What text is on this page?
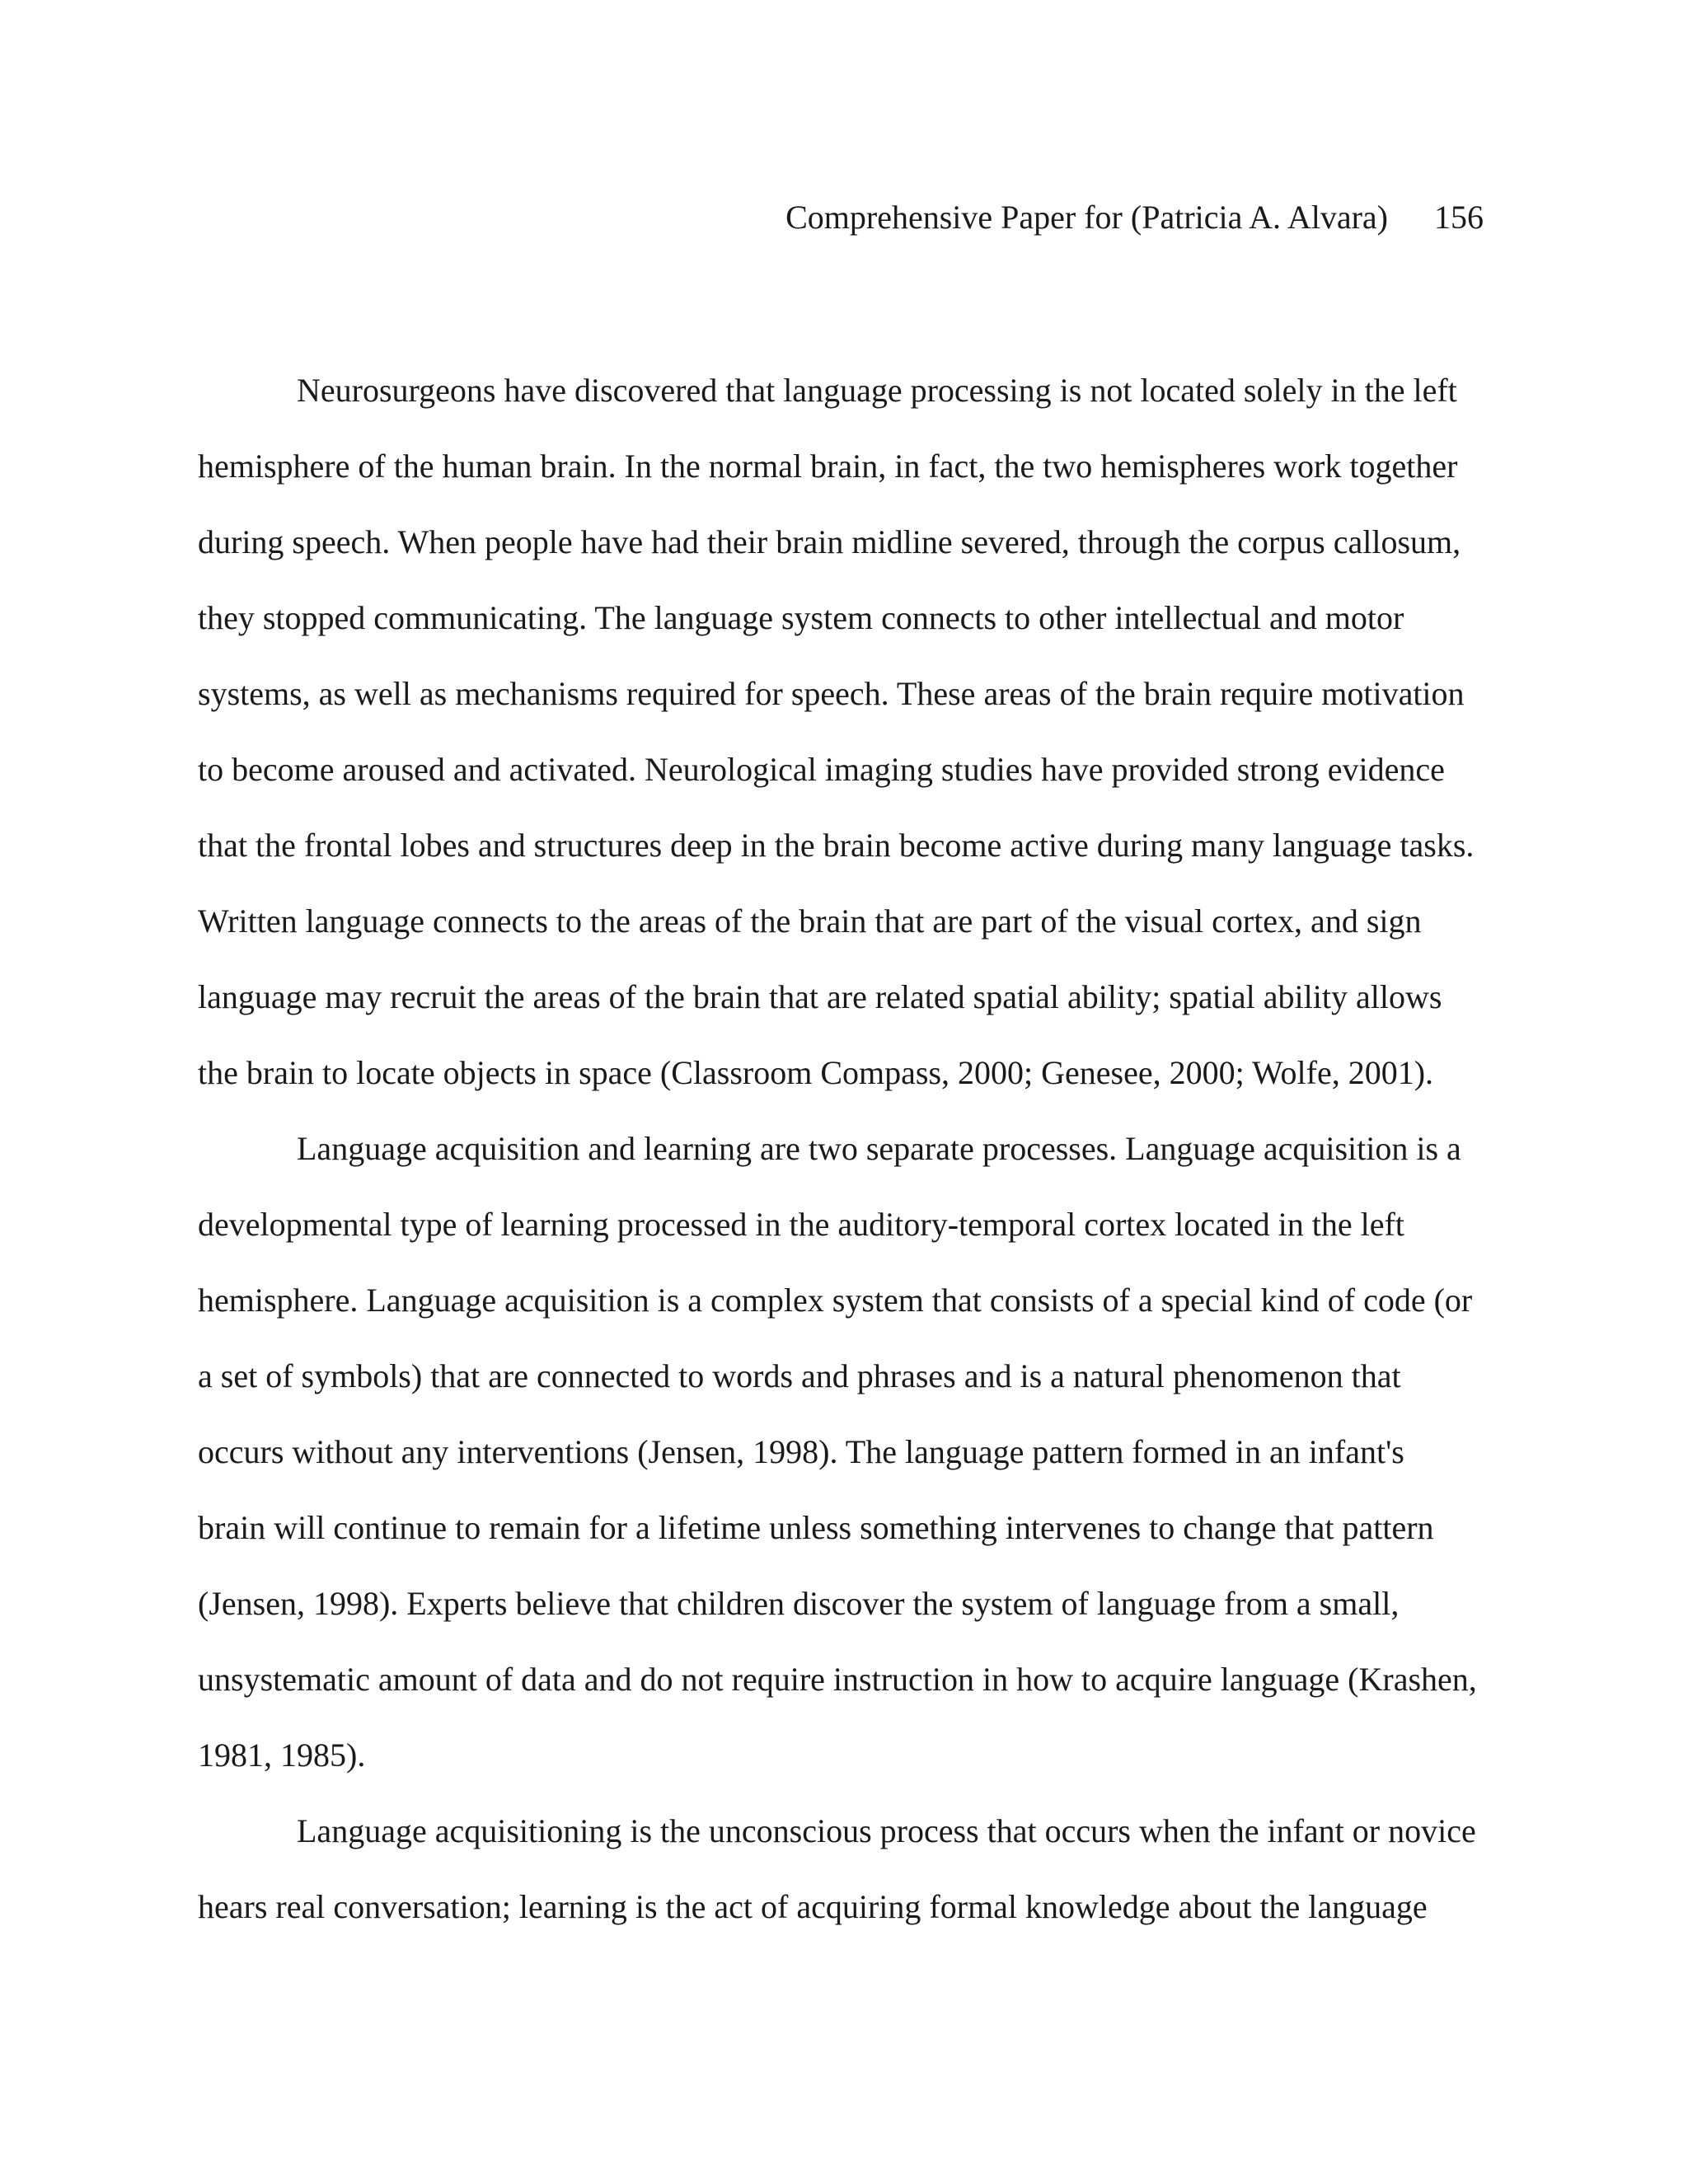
Comprehensive Paper for (Patricia A. Alvara) 156
Neurosurgeons have discovered that language processing is not located solely in the left
hemisphere of the human brain. In the normal brain, in fact, the two hemispheres work together
during speech. When people have had their brain midline severed, through the corpus callosum,
they stopped communicating. The language system connects to other intellectual and motor
systems, as well as mechanisms required for speech. These areas of the brain require motivation
to become aroused and activated. Neurological imaging studies have provided strong evidence
that the frontal lobes and structures deep in the brain become active during many language tasks.
Written language connects to the areas of the brain that are part of the visual cortex, and sign
language may recruit the areas of the brain that are related spatial ability; spatial ability allows
the brain to locate objects in space (Classroom Compass, 2000; Genesee, 2000; Wolfe, 2001).
Language acquisition and learning are two separate processes. Language acquisition is a
developmental type of learning processed in the auditory-temporal cortex located in the left
hemisphere. Language acquisition is a complex system that consists of a special kind of code (or
a set of symbols) that are connected to words and phrases and is a natural phenomenon that
occurs without any interventions (Jensen, 1998). The language pattern formed in an infant's
brain will continue to remain for a lifetime unless something intervenes to change that pattern
(Jensen, 1998). Experts believe that children discover the system of language from a small,
unsystematic amount of data and do not require instruction in how to acquire language (Krashen,
1981, 1985).
Language acquisitioning is the unconscious process that occurs when the infant or novice
hears real conversation; learning is the act of acquiring formal knowledge about the language
